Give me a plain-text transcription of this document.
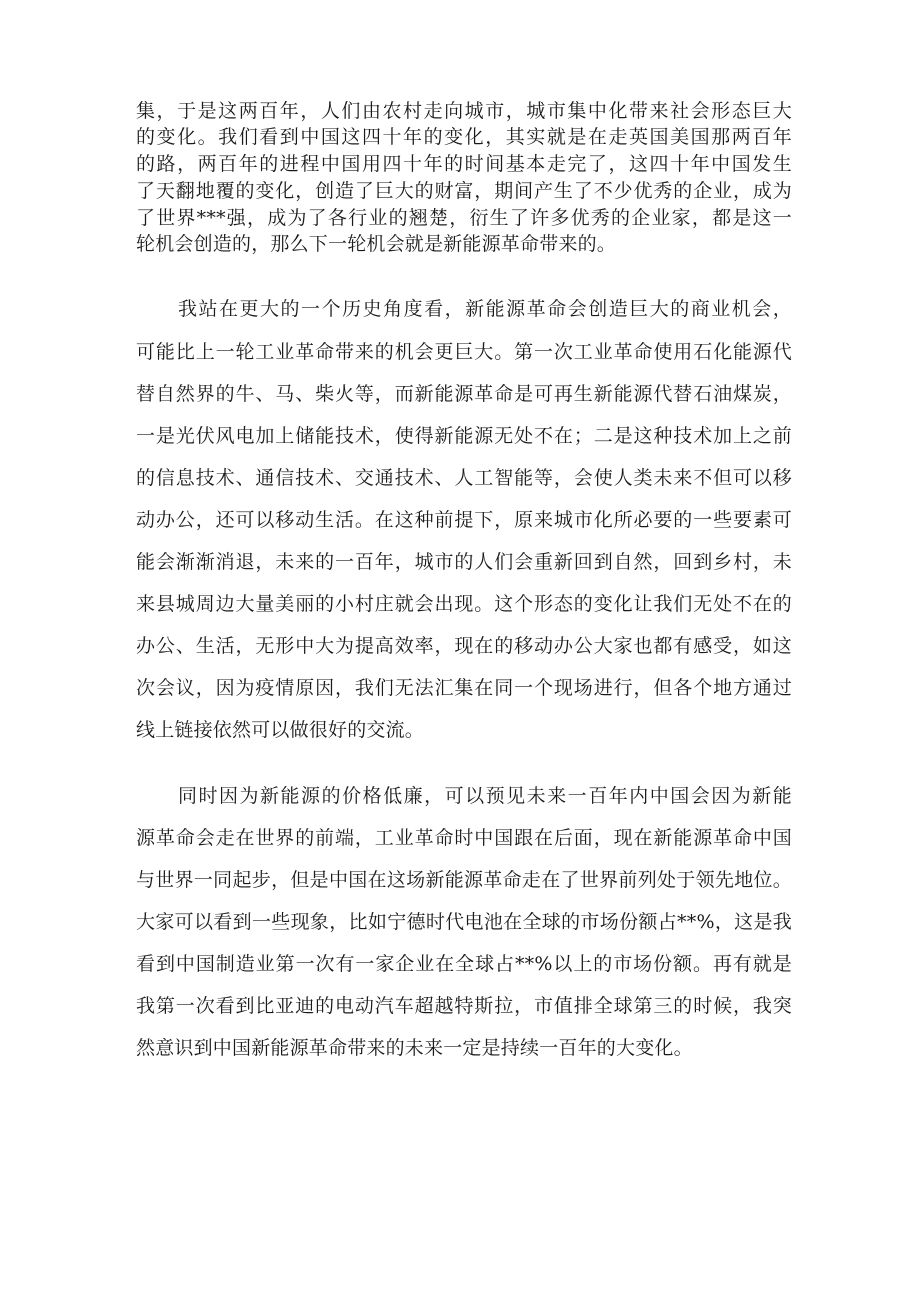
集，于是这两百年，人们由农村走向城市，城市集中化带来社会形态巨大
的变化。我们看到中国这四十年的变化，其实就是在走英国美国那两百年
的路，两百年的进程中国用四十年的时间基本走完了，这四十年中国发生
了天翻地覆的变化，创造了巨大的财富，期间产生了不少优秀的企业，成为
了世界***强，成为了各行业的翘楚，衍生了许多优秀的企业家，都是这一
轮机会创造的，那么下一轮机会就是新能源革命带来的。
我站在更大的一个历史角度看，新能源革命会创造巨大的商业机会，
可能比上一轮工业革命带来的机会更巨大。第一次工业革命使用石化能源代
替自然界的牛、马、柴火等，而新能源革命是可再生新能源代替石油煤炭，
一是光伏风电加上储能技术，使得新能源无处不在；二是这种技术加上之前
的信息技术、通信技术、交通技术、人工智能等，会使人类未来不但可以移
动办公，还可以移动生活。在这种前提下，原来城市化所必要的一些要素可
能会渐渐消退，未来的一百年，城市的人们会重新回到自然，回到乡村，未
来县城周边大量美丽的小村庄就会出现。这个形态的变化让我们无处不在的
办公、生活，无形中大为提高效率，现在的移动办公大家也都有感受，如这
次会议，因为疫情原因，我们无法汇集在同一个现场进行，但各个地方通过
线上链接依然可以做很好的交流。
同时因为新能源的价格低廉，可以预见未来一百年内中国会因为新能
源革命会走在世界的前端，工业革命时中国跟在后面，现在新能源革命中国
与世界一同起步，但是中国在这场新能源革命走在了世界前列处于领先地位。
大家可以看到一些现象，比如宁德时代电池在全球的市场份额占**%，这是我
看到中国制造业第一次有一家企业在全球占**%以上的市场份额。再有就是
我第一次看到比亚迪的电动汽车超越特斯拉，市值排全球第三的时候，我突
然意识到中国新能源革命带来的未来一定是持续一百年的大变化。
